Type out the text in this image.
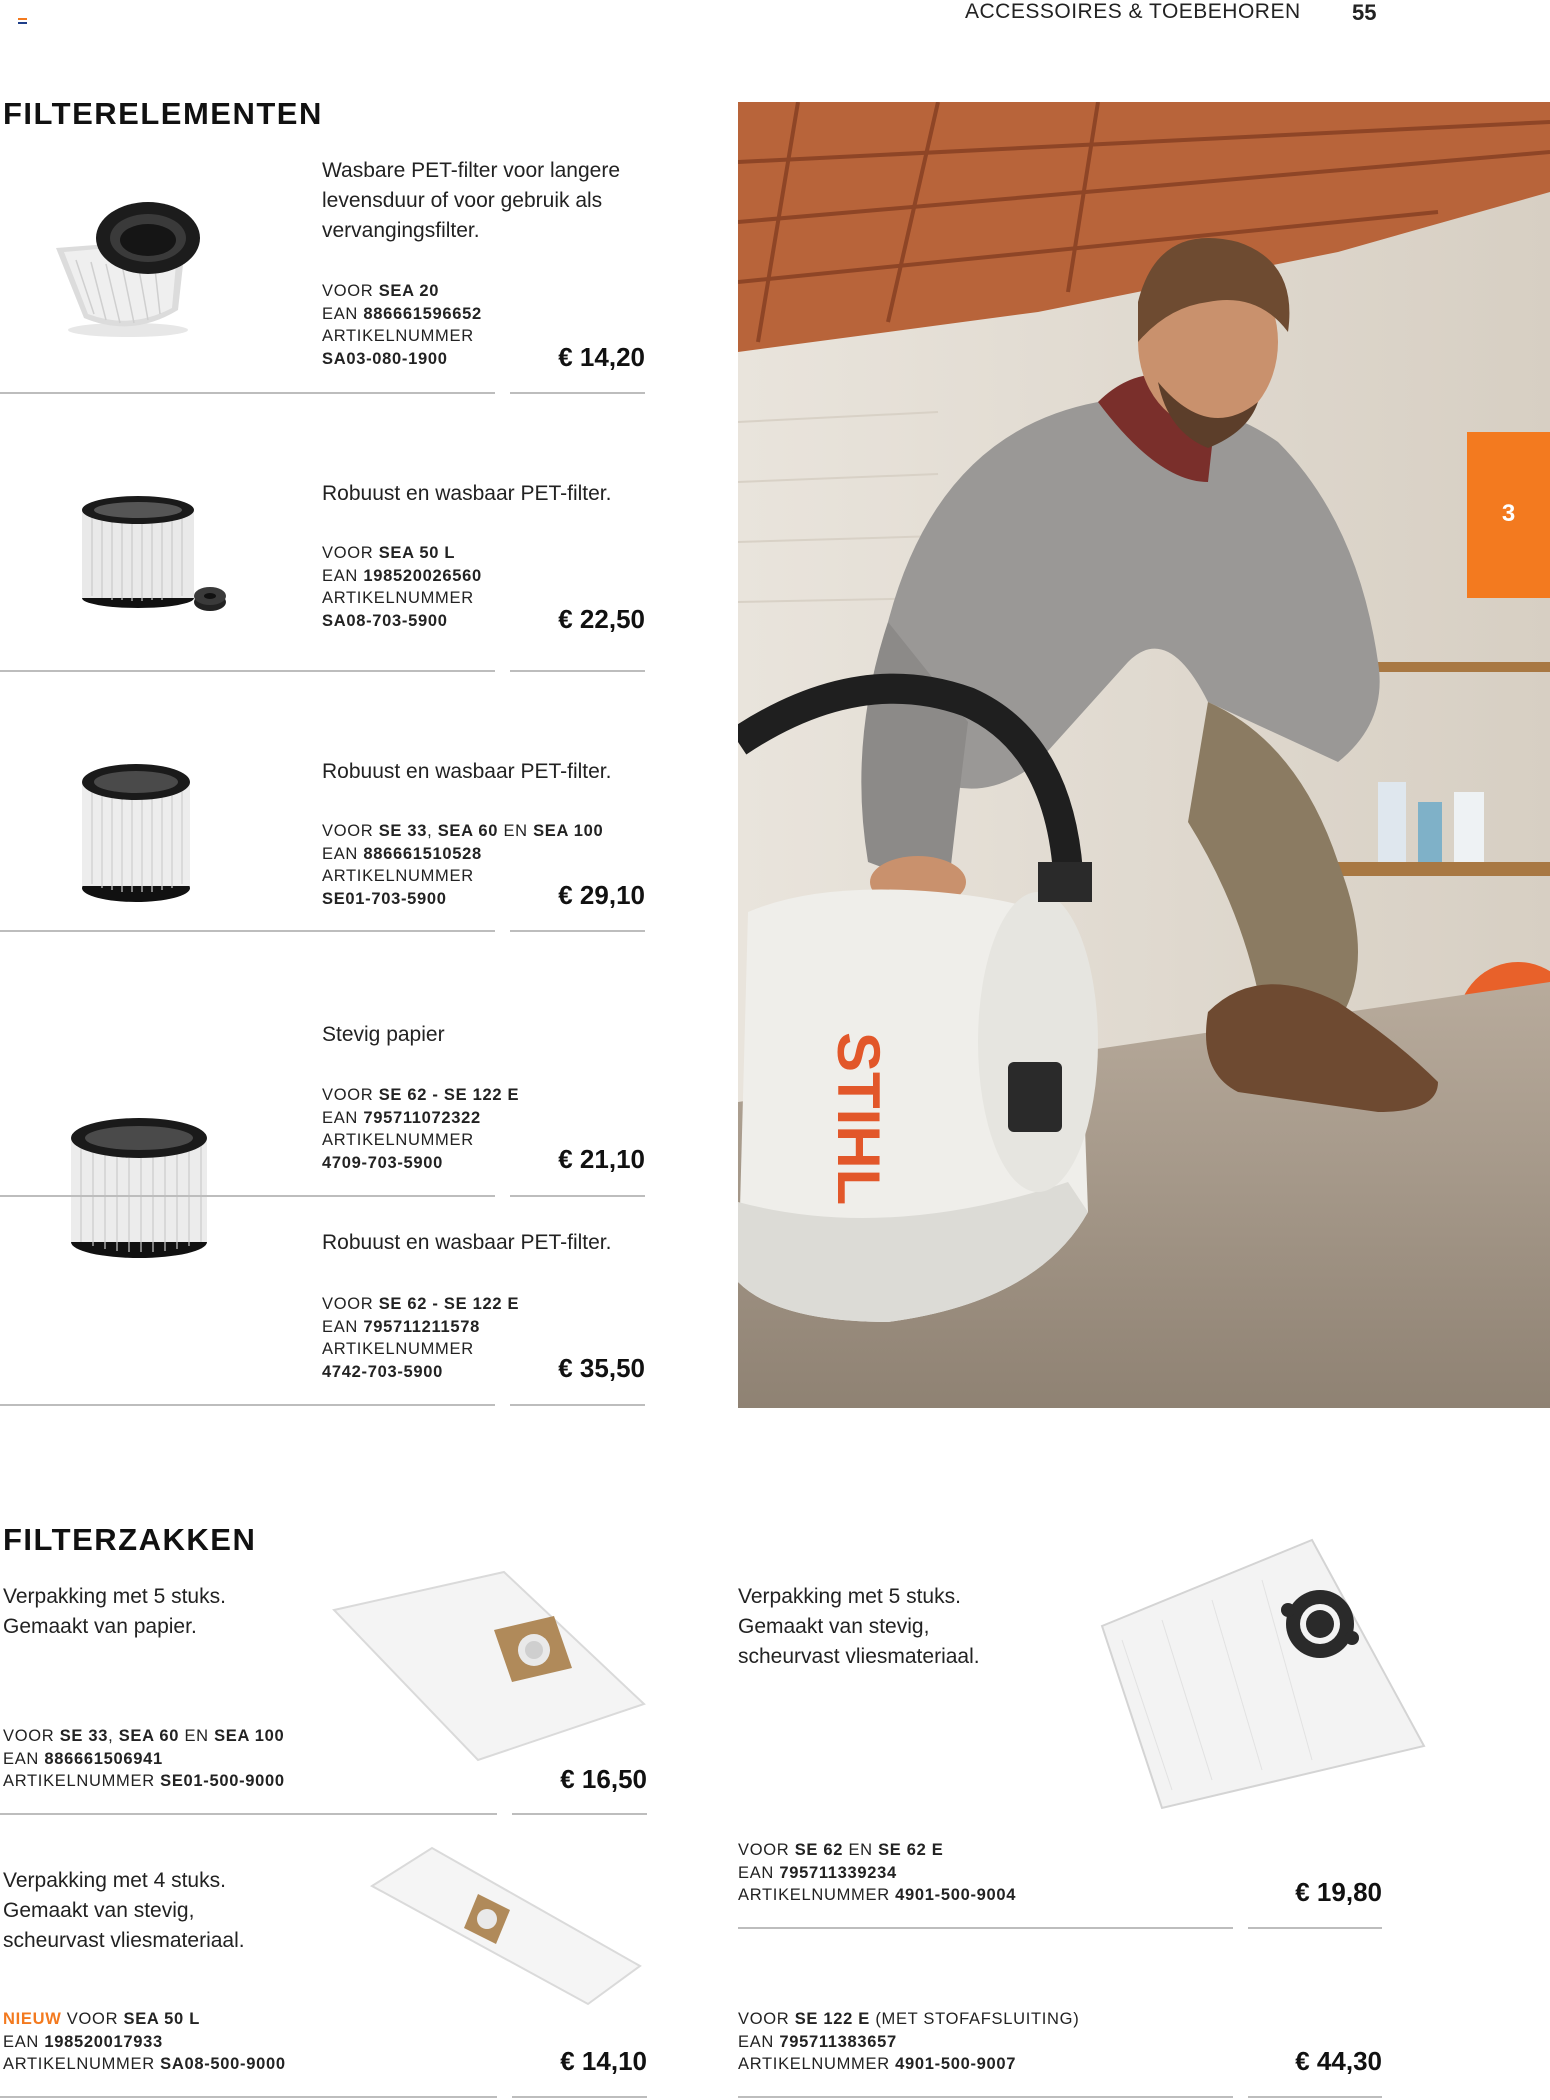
ACCESSOIRES & TOEBEHOREN 55
FILTERELEMENTEN
Wasbare PET-filter voor langere levensduur of voor gebruik als vervangingsfilter.
VOOR SEA 20
EAN 886661596652
ARTIKELNUMMER
SA03-080-1900	€ 14,20
Robuust en wasbaar PET-filter.
VOOR SEA 50 L
EAN 198520026560
ARTIKELNUMMER
SA08-703-5900	€ 22,50
Robuust en wasbaar PET-filter.
VOOR SE 33, SEA 60 EN SEA 100
EAN 886661510528
ARTIKELNUMMER
SE01-703-5900	€ 29,10
Stevig papier
VOOR SE 62 - SE 122 E
EAN 795711072322
ARTIKELNUMMER
4709-703-5900	€ 21,10
Robuust en wasbaar PET-filter.
VOOR SE 62 - SE 122 E
EAN 795711211578
ARTIKELNUMMER
4742-703-5900	€ 35,50
STIHL
3
FILTERZAKKEN
Verpakking met 5 stuks.
Gemaakt van papier.
VOOR SE 33, SEA 60 EN SEA 100
EAN 886661506941
ARTIKELNUMMER SE01-500-9000	€ 16,50
Verpakking met 4 stuks.
Gemaakt van stevig,
scheurvast vliesmateriaal.
NIEUW VOOR SEA 50 L
EAN 198520017933
ARTIKELNUMMER SA08-500-9000	€ 14,10
Verpakking met 5 stuks.
Gemaakt van stevig,
scheurvast vliesmateriaal.
VOOR SE 62 EN SE 62 E
EAN 795711339234
ARTIKELNUMMER 4901-500-9004	€ 19,80
VOOR SE 122 E (MET STOFAFSLUITING)
EAN 795711383657
ARTIKELNUMMER 4901-500-9007	€ 44,30
